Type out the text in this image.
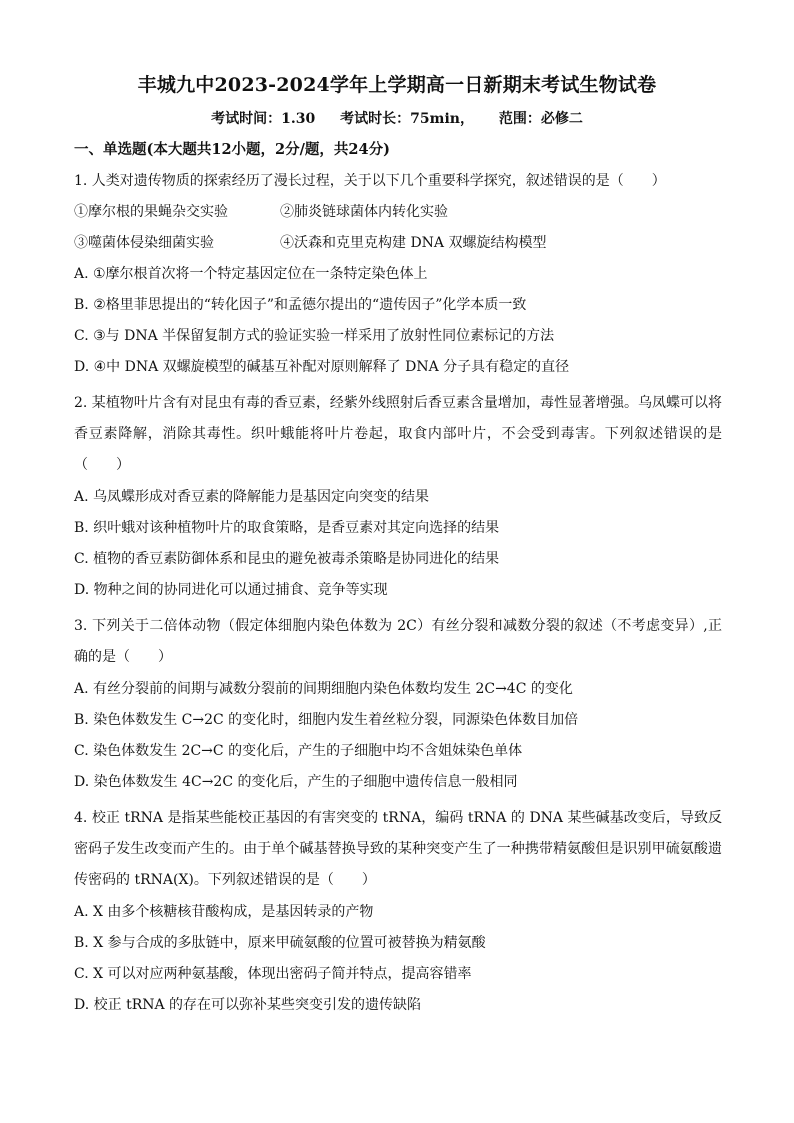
丰城九中2023-2024学年上学期高一日新期末考试生物试卷
考试时间：1.30 考试时长：75min， 范围：必修二
一、单选题(本大题共12小题，2分/题，共24分)
1. 人类对遗传物质的探索经历了漫长过程，关于以下几个重要科学探究，叙述错误的是（　　）
①摩尔根的果蝇杂交实验	②肺炎链球菌体内转化实验
③噬菌体侵染细菌实验	④沃森和克里克构建 DNA 双螺旋结构模型
A. ①摩尔根首次将一个特定基因定位在一条特定染色体上
B. ②格里菲思提出的“转化因子”和孟德尔提出的“遗传因子”化学本质一致
C. ③与 DNA 半保留复制方式的验证实验一样采用了放射性同位素标记的方法
D. ④中 DNA 双螺旋模型的碱基互补配对原则解释了 DNA 分子具有稳定的直径
2. 某植物叶片含有对昆虫有毒的香豆素，经紫外线照射后香豆素含量增加，毒性显著增强。乌凤蝶可以将香豆素降解，消除其毒性。织叶蛾能将叶片卷起，取食内部叶片，不会受到毒害。下列叙述错误的是（　　）
A. 乌凤蝶形成对香豆素的降解能力是基因定向突变的结果
B. 织叶蛾对该种植物叶片的取食策略，是香豆素对其定向选择的结果
C. 植物的香豆素防御体系和昆虫的避免被毒杀策略是协同进化的结果
D. 物种之间的协同进化可以通过捕食、竞争等实现
3. 下列关于二倍体动物（假定体细胞内染色体数为 2C）有丝分裂和减数分裂的叙述（不考虑变异）,正确的是（　　）
A. 有丝分裂前的间期与减数分裂前的间期细胞内染色体数均发生 2C→4C 的变化
B. 染色体数发生 C→2C 的变化时，细胞内发生着丝粒分裂，同源染色体数目加倍
C. 染色体数发生 2C→C 的变化后，产生的子细胞中均不含姐妹染色单体
D. 染色体数发生 4C→2C 的变化后，产生的子细胞中遗传信息一般相同
4. 校正 tRNA 是指某些能校正基因的有害突变的 tRNA，编码 tRNA 的 DNA 某些碱基改变后，导致反密码子发生改变而产生的。由于单个碱基替换导致的某种突变产生了一种携带精氨酸但是识别甲硫氨酸遗传密码的 tRNA(X)。下列叙述错误的是（　　）
A. X 由多个核糖核苷酸构成，是基因转录的产物
B. X 参与合成的多肽链中，原来甲硫氨酸的位置可被替换为精氨酸
C. X 可以对应两种氨基酸，体现出密码子简并特点，提高容错率
D. 校正 tRNA 的存在可以弥补某些突变引发的遗传缺陷
